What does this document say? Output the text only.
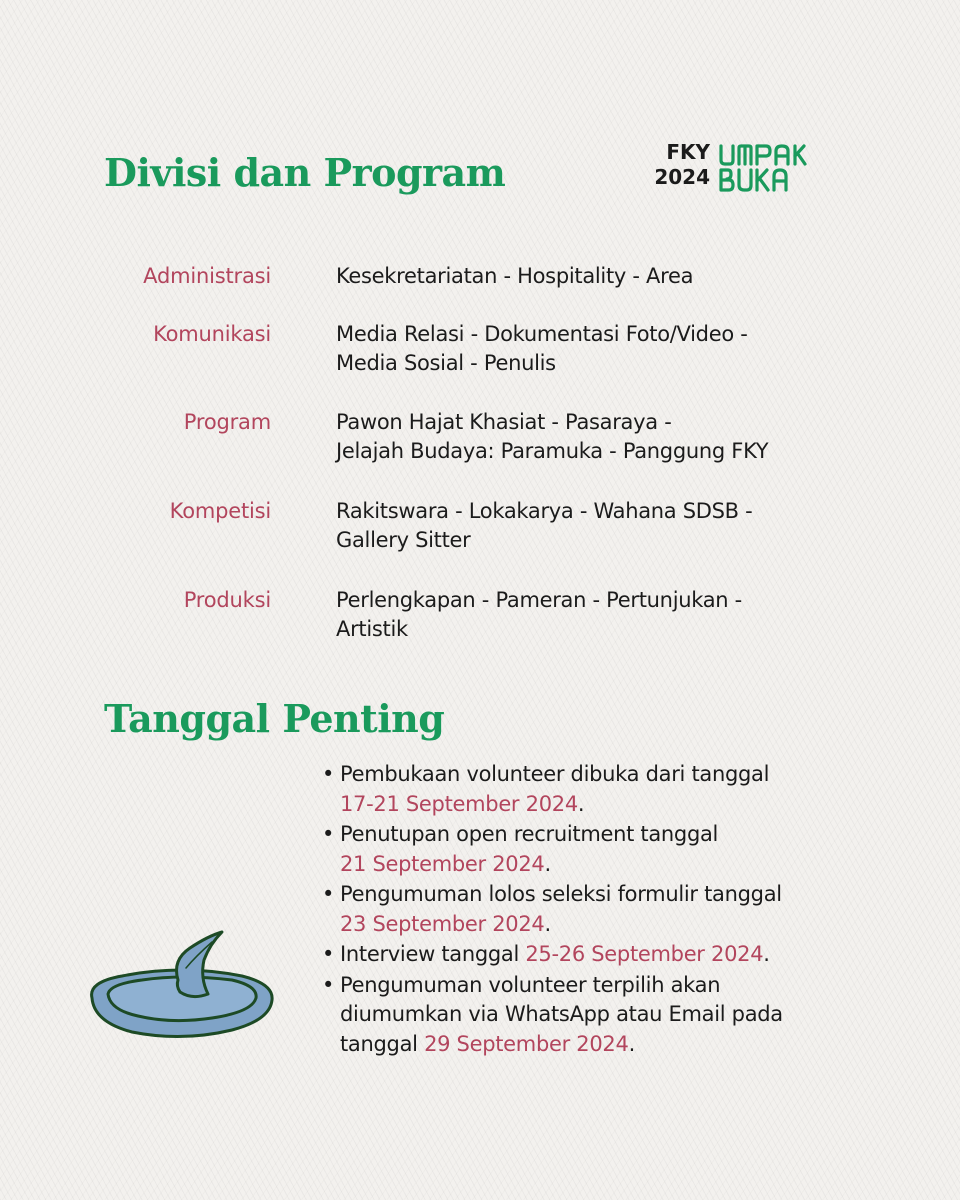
Divisi dan Program	FKY
2024
Administrasi	Kesekretariatan - Hospitality - Area
Komunikasi	Media Relasi - Dokumentasi Foto/Video -
Media Sosial - Penulis
Program	Pawon Hajat Khasiat - Pasaraya -
Jelajah Budaya: Paramuka - Panggung FKY
Kompetisi	Rakitswara - Lokakarya - Wahana SDSB -
Gallery Sitter
Produksi	Perlengkapan - Pameran - Pertunjukan -
Artistik
Tanggal Penting
• Pembukaan volunteer dibuka dari tanggal
17-21 September 2024.
• Penutupan open recruitment tanggal
21 September 2024.
• Pengumuman lolos seleksi formulir tanggal
23 September 2024.
• Interview tanggal 25-26 September 2024.
• Pengumuman volunteer terpilih akan
diumumkan via WhatsApp atau Email pada
tanggal 29 September 2024.
